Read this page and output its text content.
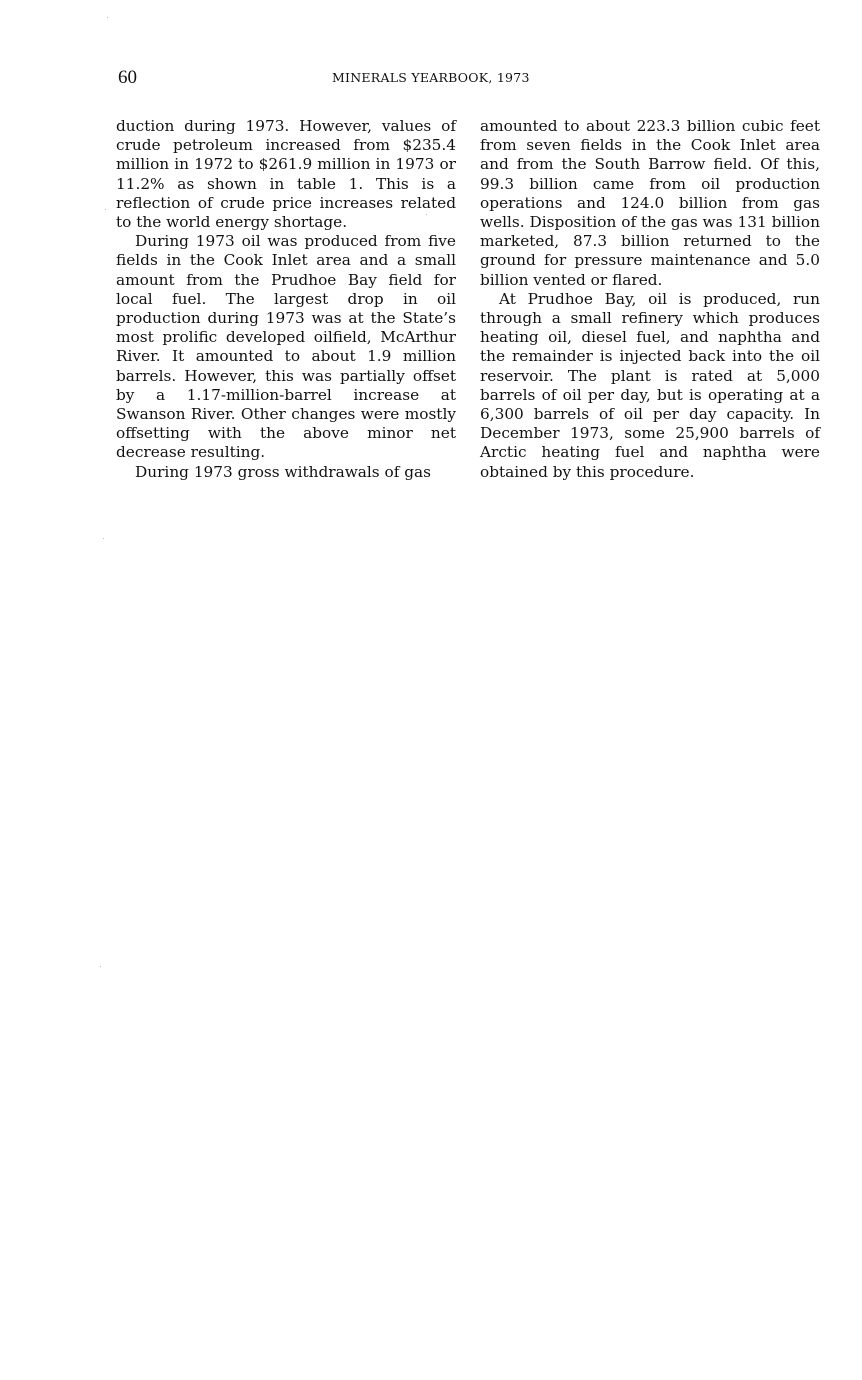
60	MINERALS YEARBOOK, 1973

duction during 1973. However, values of crude petroleum increased from $235.4 million in 1972 to $261.9 million in 1973 or 11.2% as shown in table 1. This is a reflection of crude price increases related to the world energy shortage.

During 1973 oil was produced from five fields in the Cook Inlet area and a small amount from the Prudhoe Bay field for local fuel. The largest drop in oil production during 1973 was at the State’s most prolific developed oilfield, McArthur River. It amounted to about 1.9 million barrels. However, this was partially offset by a 1.17-million-barrel increase at Swanson River. Other changes were mostly offsetting with the above minor net decrease resulting.

During 1973 gross withdrawals of gas

amounted to about 223.3 billion cubic feet from seven fields in the Cook Inlet area and from the South Barrow field. Of this, 99.3 billion came from oil production operations and 124.0 billion from gas wells. Disposition of the gas was 131 billion marketed, 87.3 billion returned to the ground for pressure maintenance and 5.0 billion vented or flared.

At Prudhoe Bay, oil is produced, run through a small refinery which produces heating oil, diesel fuel, and naphtha and the remainder is injected back into the oil reservoir. The plant is rated at 5,000 barrels of oil per day, but is operating at a 6,300 barrels of oil per day capacity. In December 1973, some 25,900 barrels of Arctic heating fuel and naphtha were obtained by this procedure.
